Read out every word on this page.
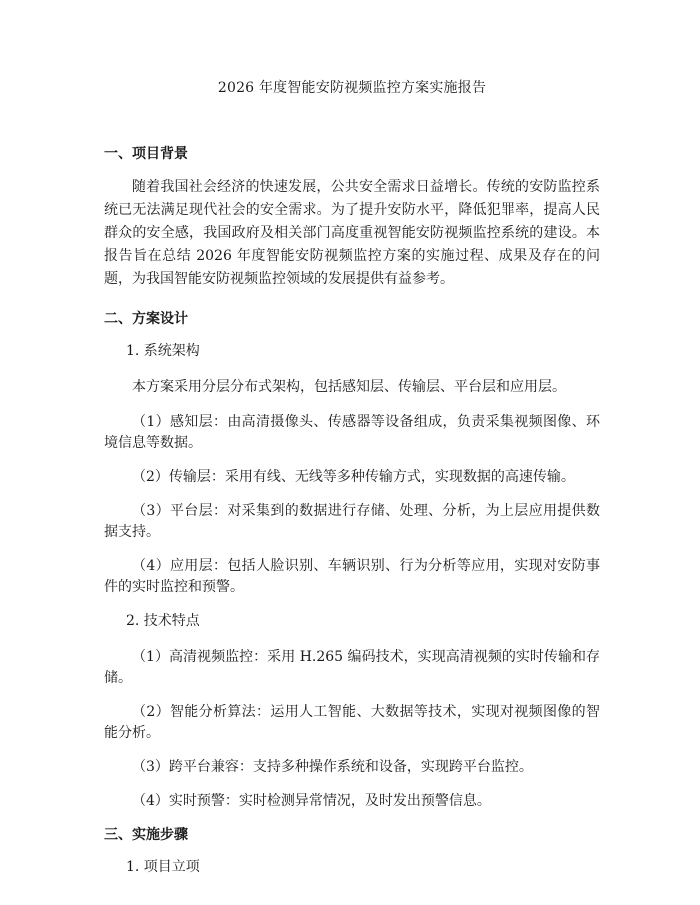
2026 年度智能安防视频监控方案实施报告
一、项目背景

随着我国社会经济的快速发展，公共安全需求日益增长。传统的安防监控系统已无法满足现代社会的安全需求。为了提升安防水平，降低犯罪率，提高人民群众的安全感，我国政府及相关部门高度重视智能安防视频监控系统的建设。本报告旨在总结 2026 年度智能安防视频监控方案的实施过程、成果及存在的问题，为我国智能安防视频监控领域的发展提供有益参考。

二、方案设计
1. 系统架构

本方案采用分层分布式架构，包括感知层、传输层、平台层和应用层。

（1）感知层：由高清摄像头、传感器等设备组成，负责采集视频图像、环境信息等数据。

（2）传输层：采用有线、无线等多种传输方式，实现数据的高速传输。

（3）平台层：对采集到的数据进行存储、处理、分析，为上层应用提供数据支持。

（4）应用层：包括人脸识别、车辆识别、行为分析等应用，实现对安防事件的实时监控和预警。

2. 技术特点

（1）高清视频监控：采用 H.265 编码技术，实现高清视频的实时传输和存储。

（2）智能分析算法：运用人工智能、大数据等技术，实现对视频图像的智能分析。

（3）跨平台兼容：支持多种操作系统和设备，实现跨平台监控。

（4）实时预警：实时检测异常情况，及时发出预警信息。

三、实施步骤
1. 项目立项
